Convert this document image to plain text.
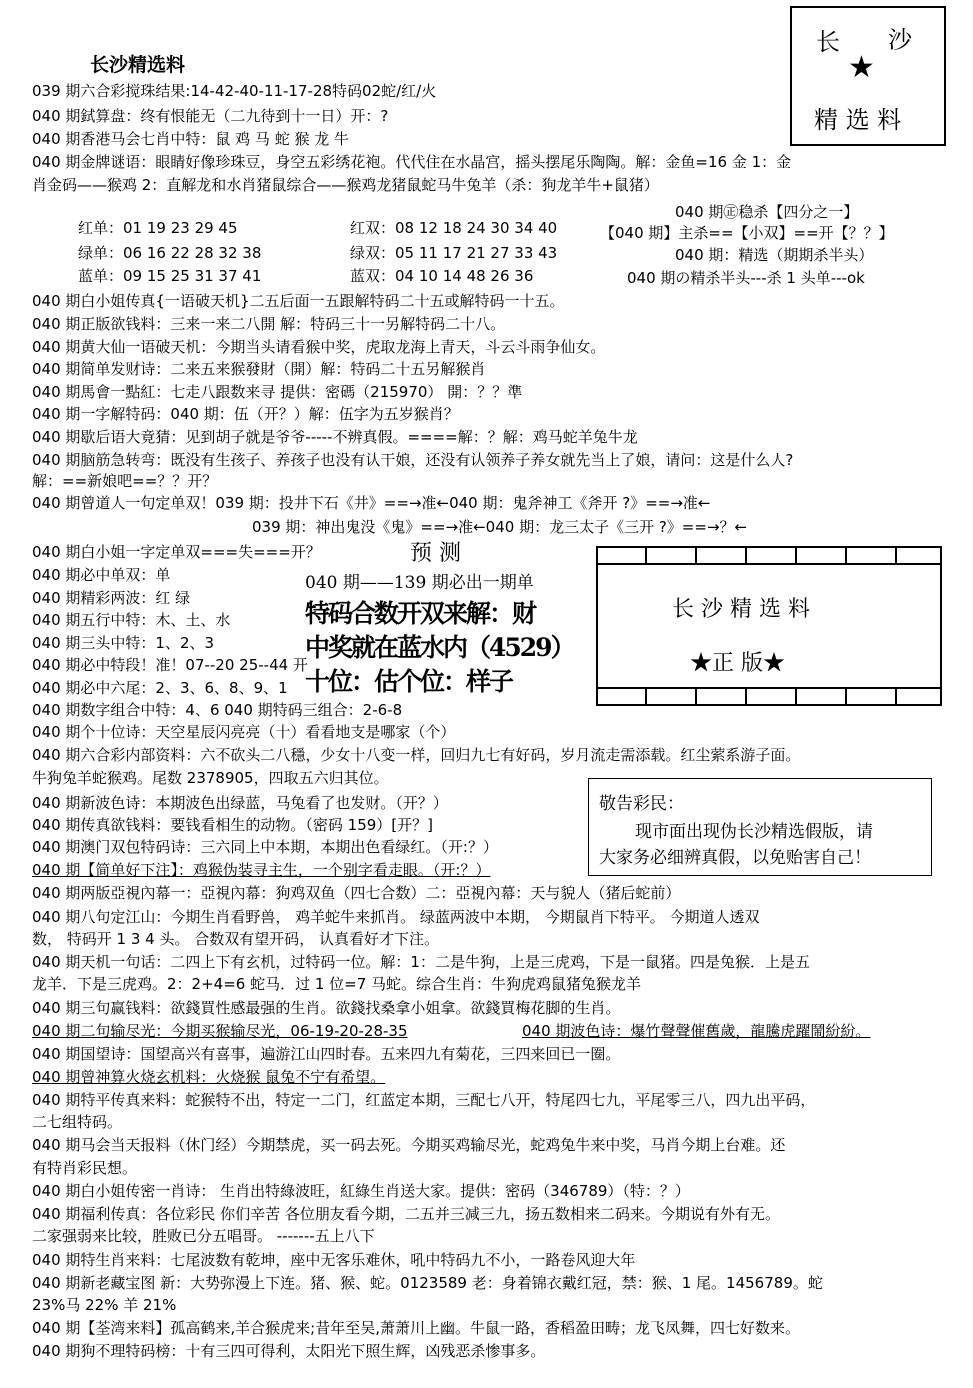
长沙精选料
长 沙
★
精 选 料
039 期六合彩搅珠结果:14-42-40-11-17-28特码02蛇/红/火
040 期鉽算盘：终有恨能无（二九待到十一日）开：?
040 期香港马会七肖中特：鼠 鸡 马 蛇 猴 龙 牛
040 期金牌谜语：眼睛好像珍珠豆，身空五彩绣花袍。代代住在水晶宫，摇头摆尾乐陶陶。解：金鱼=16 金 1：金
肖金码——猴鸡 2：直解龙和水肖猪鼠综合——猴鸡龙猪鼠蛇马牛兔羊（杀：狗龙羊牛+鼠猪）
红单：01 19 23 29 45
绿单：06 16 22 28 32 38
蓝单：09 15 25 31 37 41
红双：08 12 18 24 30 34 40
绿双：05 11 17 21 27 33 43
蓝双：04 10 14 48 26 36
040 期㊣稳杀【四分之一】
【040 期】主杀==【小双】==开【？？】
040 期：精选（期期杀半头）
040 期の精杀半头---杀 1 头单---ok
040 期白小姐传真{一语破天机}二五后面一五跟解特码二十五或解特码一十五。
040 期正版欲钱料：三来一来二八開 解：特码三十一另解特码二十八。
040 期黄大仙一语破天机：今期当头请看猴中奖，虎取龙海上青天，斗云斗雨争仙女。
040 期简单发财诗：二来五来猴發財（開）解：特码二十五另解猴肖
040 期馬會一點紅：七走八跟数来寻 提供：密碼（215970） 開：？？準
040 期一字解特码：040 期：伍（开？）解：伍字为五岁猴肖？
040 期歇后语大竟猜：见到胡子就是爷爷-----不辨真假。====解：？解：鸡马蛇羊兔牛龙
040 期脑筋急转弯：既没有生孩子、养孩子也没有认干娘，还没有认领养子养女就先当上了娘，请问：这是什么人?
解：==新娘吧==？？开？
040 期曾道人一句定单双！039 期：投井下石《井》==→准←040 期：鬼斧神工《斧开 ?》==→准←
039 期：神出鬼没《鬼》==→准←040 期：龙三太子《三开 ?》==→？←
040 期白小姐一字定单双===失===开？
040 期必中单双：单
040 期精彩两波：红 绿
040 期五行中特：木、土、水
040 期三头中特：1、2、3
040 期必中特段！准！07--20 25--44 开
040 期必中六尾：2、3、6、8、9、1
040 期数字组合中特：4、6 040 期特码三组合：2-6-8
预 测
040 期——139 期必出一期单
特码合数开双来解：财
中奖就在蓝水内（4529）
十位：估个位：样子
长 沙 精 选 料
★正 版★
040 期个十位诗：天空星辰闪亮亮（十）看看地支是哪家（个）
040 期六合彩内部资料：六不砍头二八穩，少女十八变一样，回归九七有好码，岁月流走需添载。红尘萦系游子面。
牛狗兔羊蛇猴鸡。尾数 2378905，四取五六归其位。
040 期新波色诗：本期波色出绿蓝，马兔看了也发财。（开？）
040 期传真欲钱料：要钱看相生的动物。（密码 159）[开？]
040 期澳门双包特码诗：三六同上中本期，本期出色看绿红。（开:？）
040 期【简单好下注】：鸡猴伪装寻主生，一个别字看走眼。（开:？）
040 期两版亞視內幕一：亞視內幕：狗鸡双鱼（四七合数）二：亞視內幕：天与貌人（猪后蛇前）
040 期八句定江山：今期生肖看野兽， 鸡羊蛇牛来抓肖。 绿蓝两波中本期， 今期鼠肖下特平。 今期道人透双
数， 特码开 1 3 4 头。 合数双有望开码， 认真看好才下注。
040 期天机一句话：二四上下有玄机，过特码一位。解：1：二是牛狗，上是三虎鸡，下是一鼠猪。四是兔猴．上是五
龙羊．下是三虎鸡。2：2+4=6 蛇马．过 1 位=7 马蛇。综合生肖：牛狗虎鸡鼠猪兔猴龙羊
040 期三句赢钱料：欲錢買性感最强的生肖。欲錢找桑拿小姐拿。欲錢買梅花脚的生肖。
040 期二句输尽光：今期买猴输尽光，06-19-20-28-35	040 期波色诗：爆竹聲聲催舊歲，龍騰虎躍鬧紛紛。
040 期国望诗：国望高兴有喜事，遍游江山四时春。五来四九有菊花，三四来回已一圈。
040 期曾神算火烧玄机料：火烧猴 鼠兔不宁有希望。
040 期特平传真来料：蛇猴特不出，特定一二门，红蓝定本期，三配七八开，特尾四七九，平尾零三八，四九出平码，
二七组特码。
040 期马会当天报料（休门经）今期禁虎，买一码去死。今期买鸡输尽光，蛇鸡兔牛来中奖，马肖今期上台难。还
有特肖彩民想。
040 期白小姐传密一肖诗： 生肖出特綠波旺，紅綠生肖送大家。提供：密码（346789）（特：？）
040 期福利传真：各位彩民 你们辛苦 各位朋友看今期，二五并三减三九，扬五数相来二码来。今期说有外有无。
二家强弱来比较，胜败已分五唱哥。 -------五上八下
040 期特生肖来料：七尾波数有乾坤，座中无客乐难休，吼中特码九不小，一路卷风迎大年
040 期新老藏宝图 新：大势弥漫上下连。猪、猴、蛇。0123589 老：身着锦衣戴红冠，禁：猴、1 尾。1456789。蛇
23%马 22% 羊 21%
040 期【荃湾来料】孤高鹤来,羊合猴虎来;昔年至吴,萧萧川上幽。牛鼠一路，香稻盈田畴；龙飞凤舞，四七好数来。
040 期狗不理特码榜：十有三四可得利，太阳光下照生辉，凶残恶杀惨事多。
敬告彩民：
现市面出现伪长沙精选假版，请
大家务必细辨真假，以免贻害自己！
